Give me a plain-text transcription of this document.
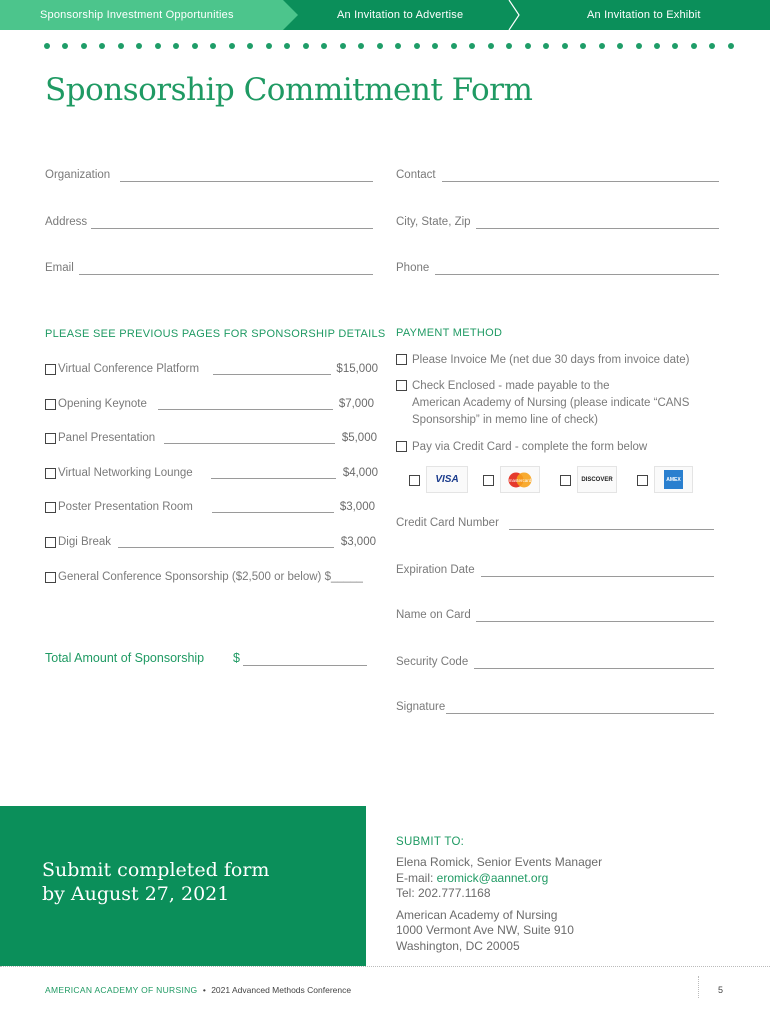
Sponsorship Investment Opportunities	An Invitation to Advertise	An Invitation to Exhibit
Sponsorship Commitment Form
Organization	Contact
Address	City, State, Zip
Email	Phone
PLEASE SEE PREVIOUS PAGES FOR SPONSORSHIP DETAILS
Virtual Conference Platform	$15,000
Opening Keynote	$7,000
Panel Presentation	$5,000
Virtual Networking Lounge	$4,000
Poster Presentation Room	$3,000
Digi Break	$3,000
General Conference Sponsorship ($2,500 or below) $_____
Total Amount of Sponsorship $
PAYMENT METHOD
Please Invoice Me (net due 30 days from invoice date)
Check Enclosed - made payable to the
American Academy of Nursing (please indicate “CANS
Sponsorship” in memo line of check)
Pay via Credit Card - complete the form below
VISA	mastercard	DISCOVER	AMEX
Credit Card Number
Expiration Date
Name on Card
Security Code
Signature
Submit completed form
by August 27, 2021
SUBMIT TO:
Elena Romick, Senior Events Manager
E-mail: eromick@aannet.org
Tel: 202.777.1168
American Academy of Nursing
1000 Vermont Ave NW, Suite 910
Washington, DC 20005
AMERICAN ACADEMY OF NURSING • 2021 Advanced Methods Conference	5
